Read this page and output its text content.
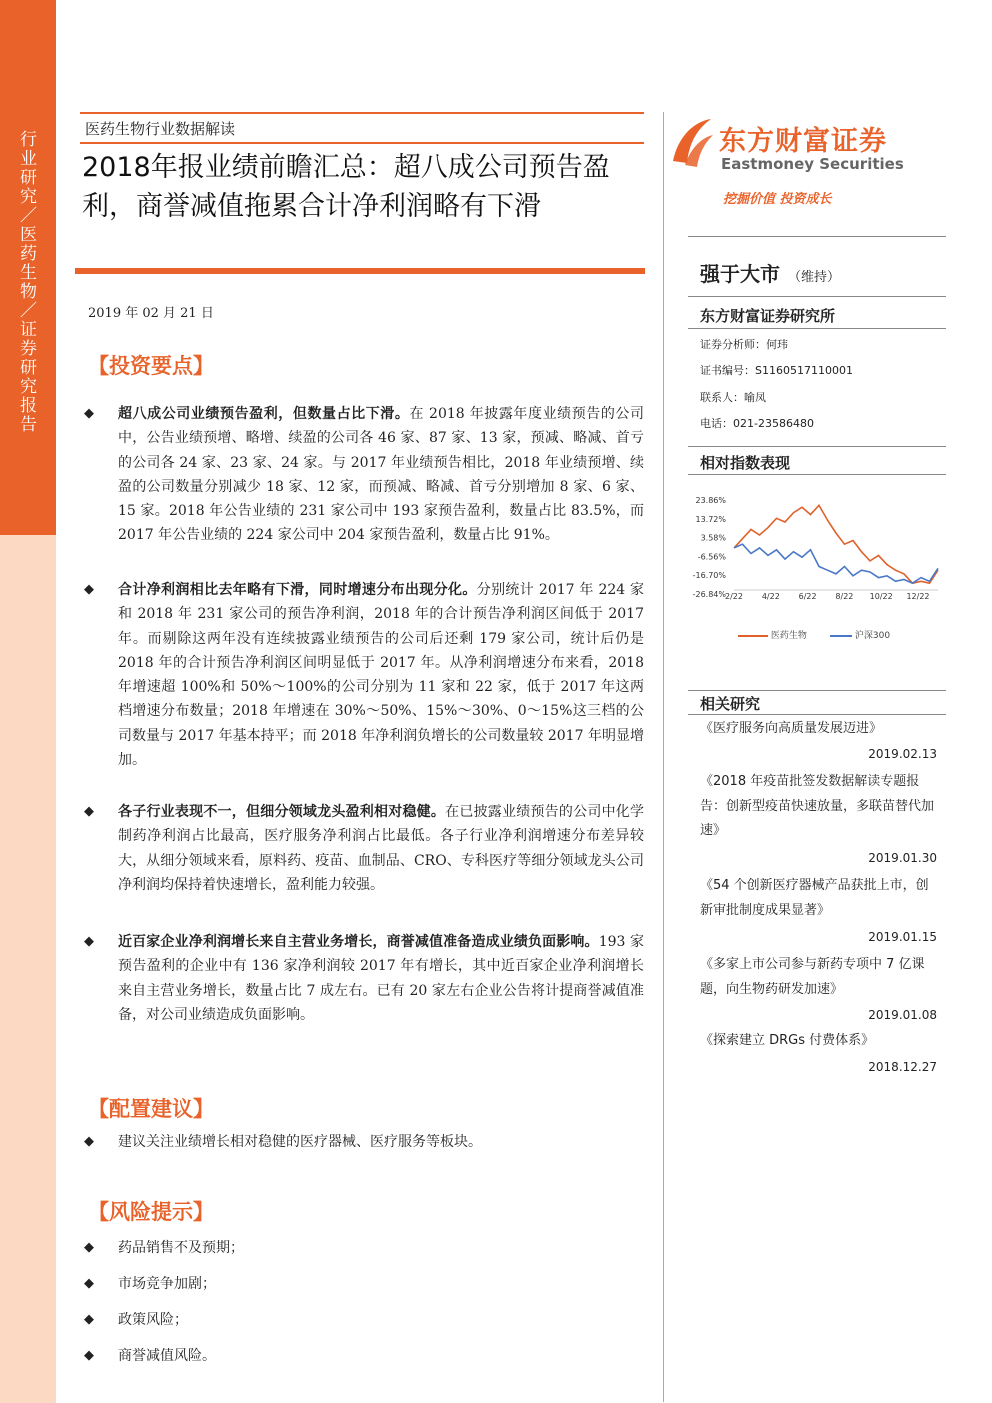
行业研究／医药生物／证券研究报告
医药生物行业数据解读
2018年报业绩前瞻汇总：超八成公司预告盈利，商誉减值拖累合计净利润略有下滑
2019 年 02 月 21 日
【投资要点】
◆ 超八成公司业绩预告盈利，但数量占比下滑。在 2018 年披露年度业绩预告的公司中，公告业绩预增、略增、续盈的公司各 46 家、87 家、13 家，预减、略减、首亏的公司各 24 家、23 家、24 家。与 2017 年业绩预告相比，2018 年业绩预增、续盈的公司数量分别减少 18 家、12 家，而预减、略减、首亏分别增加 8 家、6 家、15 家。2018 年公告业绩的 231 家公司中 193 家预告盈利，数量占比 83.5%，而 2017 年公告业绩的 224 家公司中 204 家预告盈利，数量占比 91%。
◆ 合计净利润相比去年略有下滑，同时增速分布出现分化。分别统计 2017 年 224 家和 2018 年 231 家公司的预告净利润，2018 年的合计预告净利润区间低于 2017 年。而剔除这两年没有连续披露业绩预告的公司后还剩 179 家公司，统计后仍是 2018 年的合计预告净利润区间明显低于 2017 年。从净利润增速分布来看，2018 年增速超 100%和 50%～100%的公司分别为 11 家和 22 家，低于 2017 年这两档增速分布数量；2018 年增速在 30%～50%、15%～30%、0～15%这三档的公司数量与 2017 年基本持平；而 2018 年净利润负增长的公司数量较 2017 年明显增加。
◆ 各子行业表现不一，但细分领域龙头盈利相对稳健。在已披露业绩预告的公司中化学制药净利润占比最高，医疗服务净利润占比最低。各子行业净利润增速分布差异较大，从细分领域来看，原料药、疫苗、血制品、CRO、专科医疗等细分领域龙头公司净利润均保持着快速增长，盈利能力较强。
◆ 近百家企业净利润增长来自主营业务增长，商誉减值准备造成业绩负面影响。193 家预告盈利的企业中有 136 家净利润较 2017 年有增长，其中近百家企业净利润增长来自主营业务增长，数量占比 7 成左右。已有 20 家左右企业公告将计提商誉减值准备，对公司业绩造成负面影响。
【配置建议】
◆ 建议关注业绩增长相对稳健的医疗器械、医疗服务等板块。
【风险提示】
◆ 药品销售不及预期；
◆ 市场竞争加剧；
◆ 政策风险；
◆ 商誉减值风险。
东方财富证券
Eastmoney Securities
挖掘价值 投资成长
强于大市 （维持）
东方财富证券研究所
证券分析师：何玮
证书编号：S1160517110001
联系人：喻凤
电话：021-23586480
相对指数表现
23.86%
13.72%
3.58%
-6.56%
-16.70%
-26.84% 2/22 4/22 6/22 8/22 10/22 12/22
医药生物	沪深300
相关研究
《医疗服务向高质量发展迈进》
2019.02.13
《2018 年疫苗批签发数据解读专题报告：创新型疫苗快速放量，多联苗替代加速》
2019.01.30
《54 个创新医疗器械产品获批上市，创新审批制度成果显著》
2019.01.15
《多家上市公司参与新药专项中 7 亿课题，向生物药研发加速》
2019.01.08
《探索建立 DRGs 付费体系》
2018.12.27
